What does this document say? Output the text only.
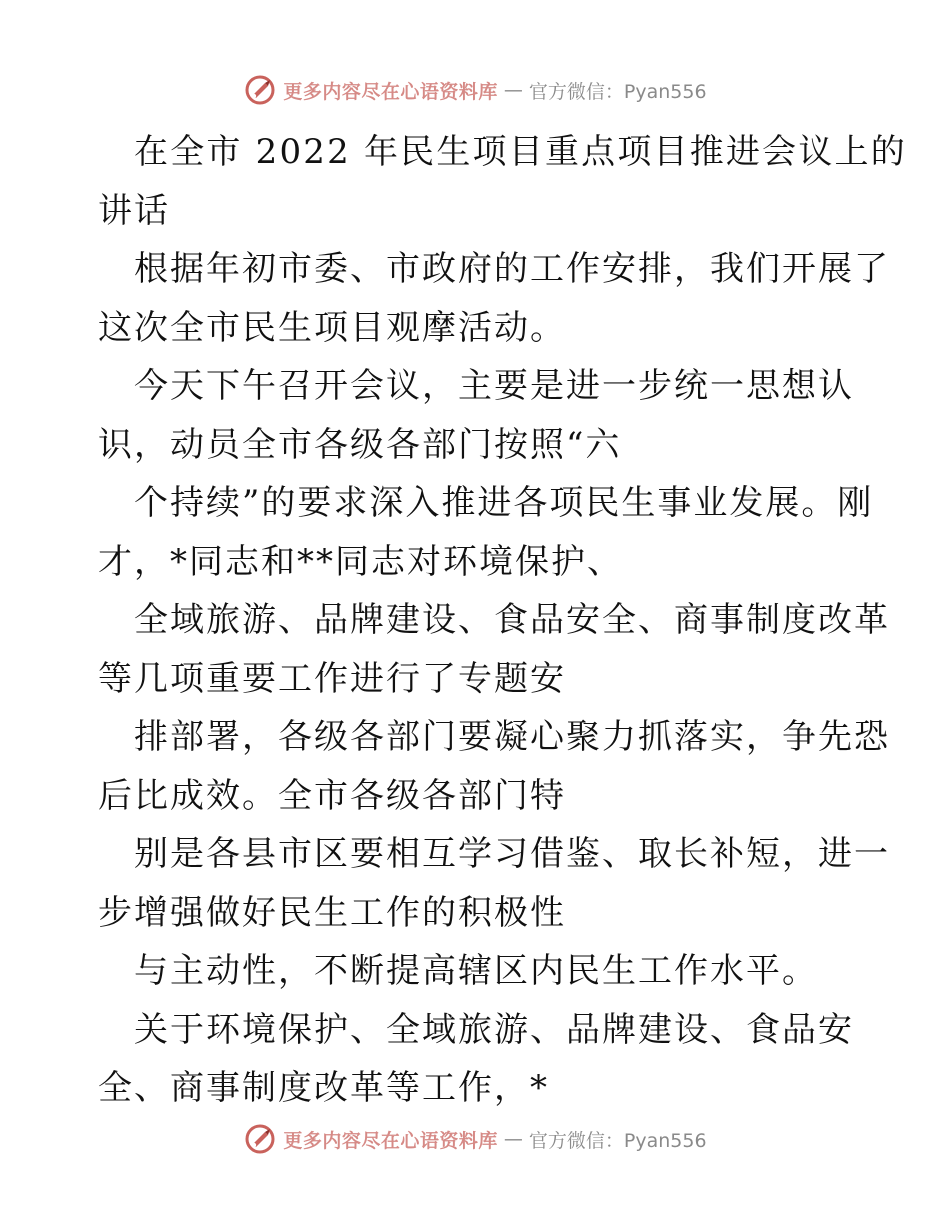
更多内容尽在心语资料库 — 官方微信：Pyan556
在全市 2022 年民生项目重点项目推进会议上的
讲话
根据年初市委、市政府的工作安排，我们开展了
这次全市民生项目观摩活动。
今天下午召开会议，主要是进一步统一思想认
识，动员全市各级各部门按照“六
个持续”的要求深入推进各项民生事业发展。刚
才，*同志和**同志对环境保护、
全域旅游、品牌建设、食品安全、商事制度改革
等几项重要工作进行了专题安
排部署，各级各部门要凝心聚力抓落实，争先恐
后比成效。全市各级各部门特
别是各县市区要相互学习借鉴、取长补短，进一
步增强做好民生工作的积极性
与主动性，不断提高辖区内民生工作水平。
关于环境保护、全域旅游、品牌建设、食品安
全、商事制度改革等工作，*
更多内容尽在心语资料库 — 官方微信：Pyan556
